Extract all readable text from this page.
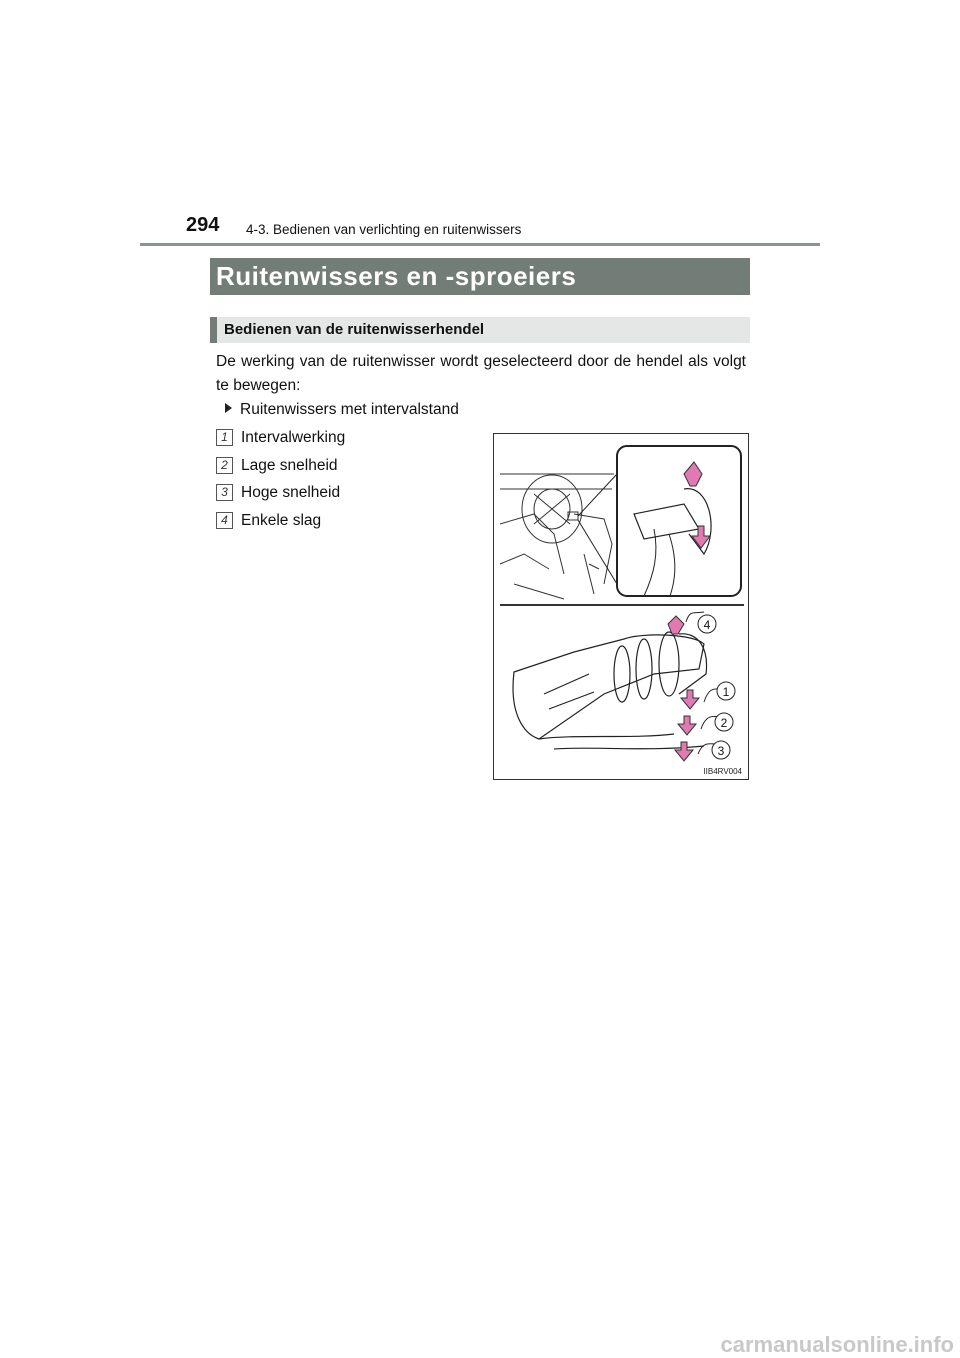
294 4-3. Bedienen van verlichting en ruitenwissers
Ruitenwissers en -sproeiers
Bedienen van de ruitenwisserhendel
De werking van de ruitenwisser wordt geselecteerd door de hendel als volgt te bewegen:
Ruitenwissers met intervalstand
1 Intervalwerking
2 Lage snelheid
3 Hoge snelheid
4 Enkele slag
4
1
2
3
IIB4RV004
carmanualsonline.info
